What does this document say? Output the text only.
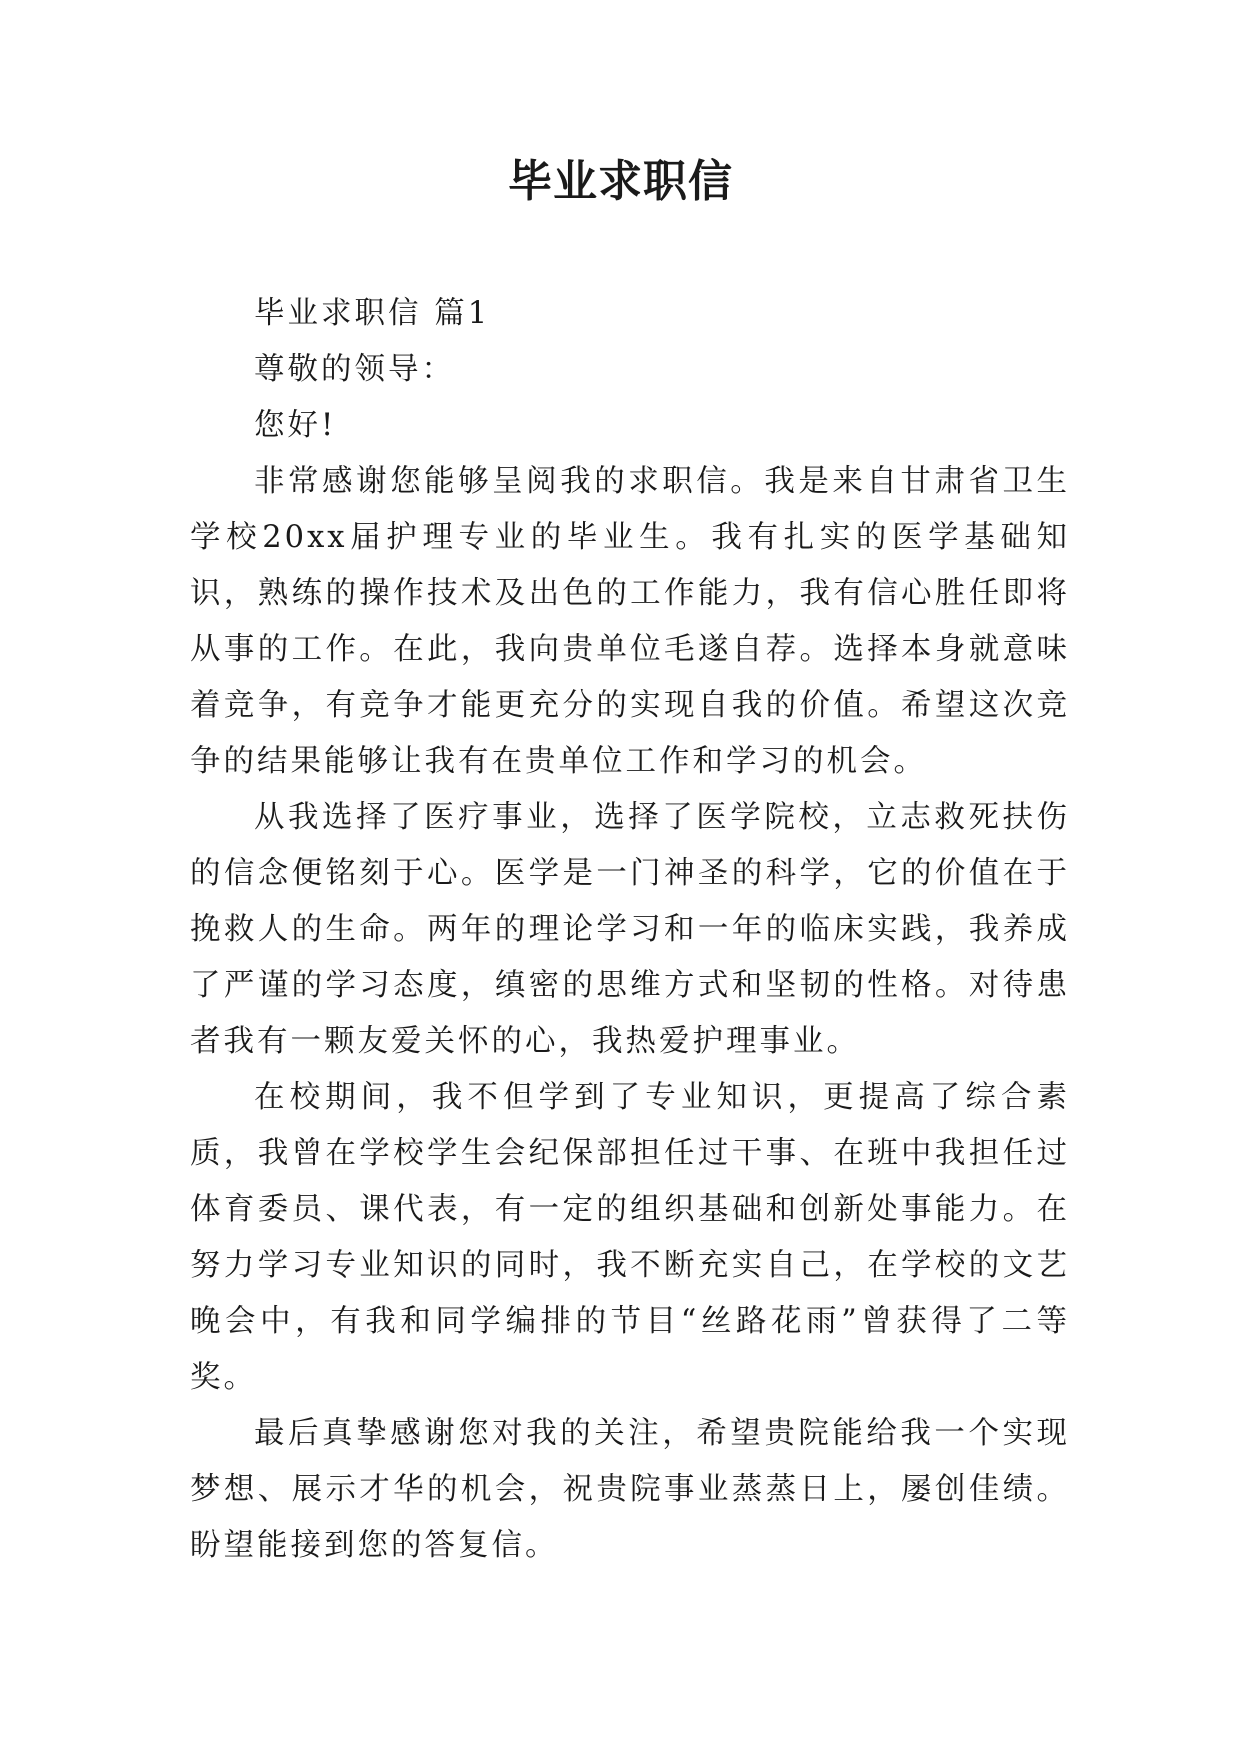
毕业求职信

毕业求职信 篇1

尊敬的领导：

您好!

非常感谢您能够呈阅我的求职信。我是来自甘肃省卫生学校20xx届护理专业的毕业生。我有扎实的医学基础知识，熟练的操作技术及出色的工作能力，我有信心胜任即将从事的工作。在此，我向贵单位毛遂自荐。选择本身就意味着竞争，有竞争才能更充分的实现自我的价值。希望这次竞争的结果能够让我有在贵单位工作和学习的机会。

从我选择了医疗事业，选择了医学院校，立志救死扶伤的信念便铭刻于心。医学是一门神圣的科学，它的价值在于挽救人的生命。两年的理论学习和一年的临床实践，我养成了严谨的学习态度，缜密的思维方式和坚韧的性格。对待患者我有一颗友爱关怀的心，我热爱护理事业。

在校期间，我不但学到了专业知识，更提高了综合素质，我曾在学校学生会纪保部担任过干事、在班中我担任过体育委员、课代表，有一定的组织基础和创新处事能力。在努力学习专业知识的同时，我不断充实自己，在学校的文艺晚会中，有我和同学编排的节目“丝路花雨”曾获得了二等奖。

最后真挚感谢您对我的关注，希望贵院能给我一个实现梦想、展示才华的机会，祝贵院事业蒸蒸日上，屡创佳绩。盼望能接到您的答复信。
